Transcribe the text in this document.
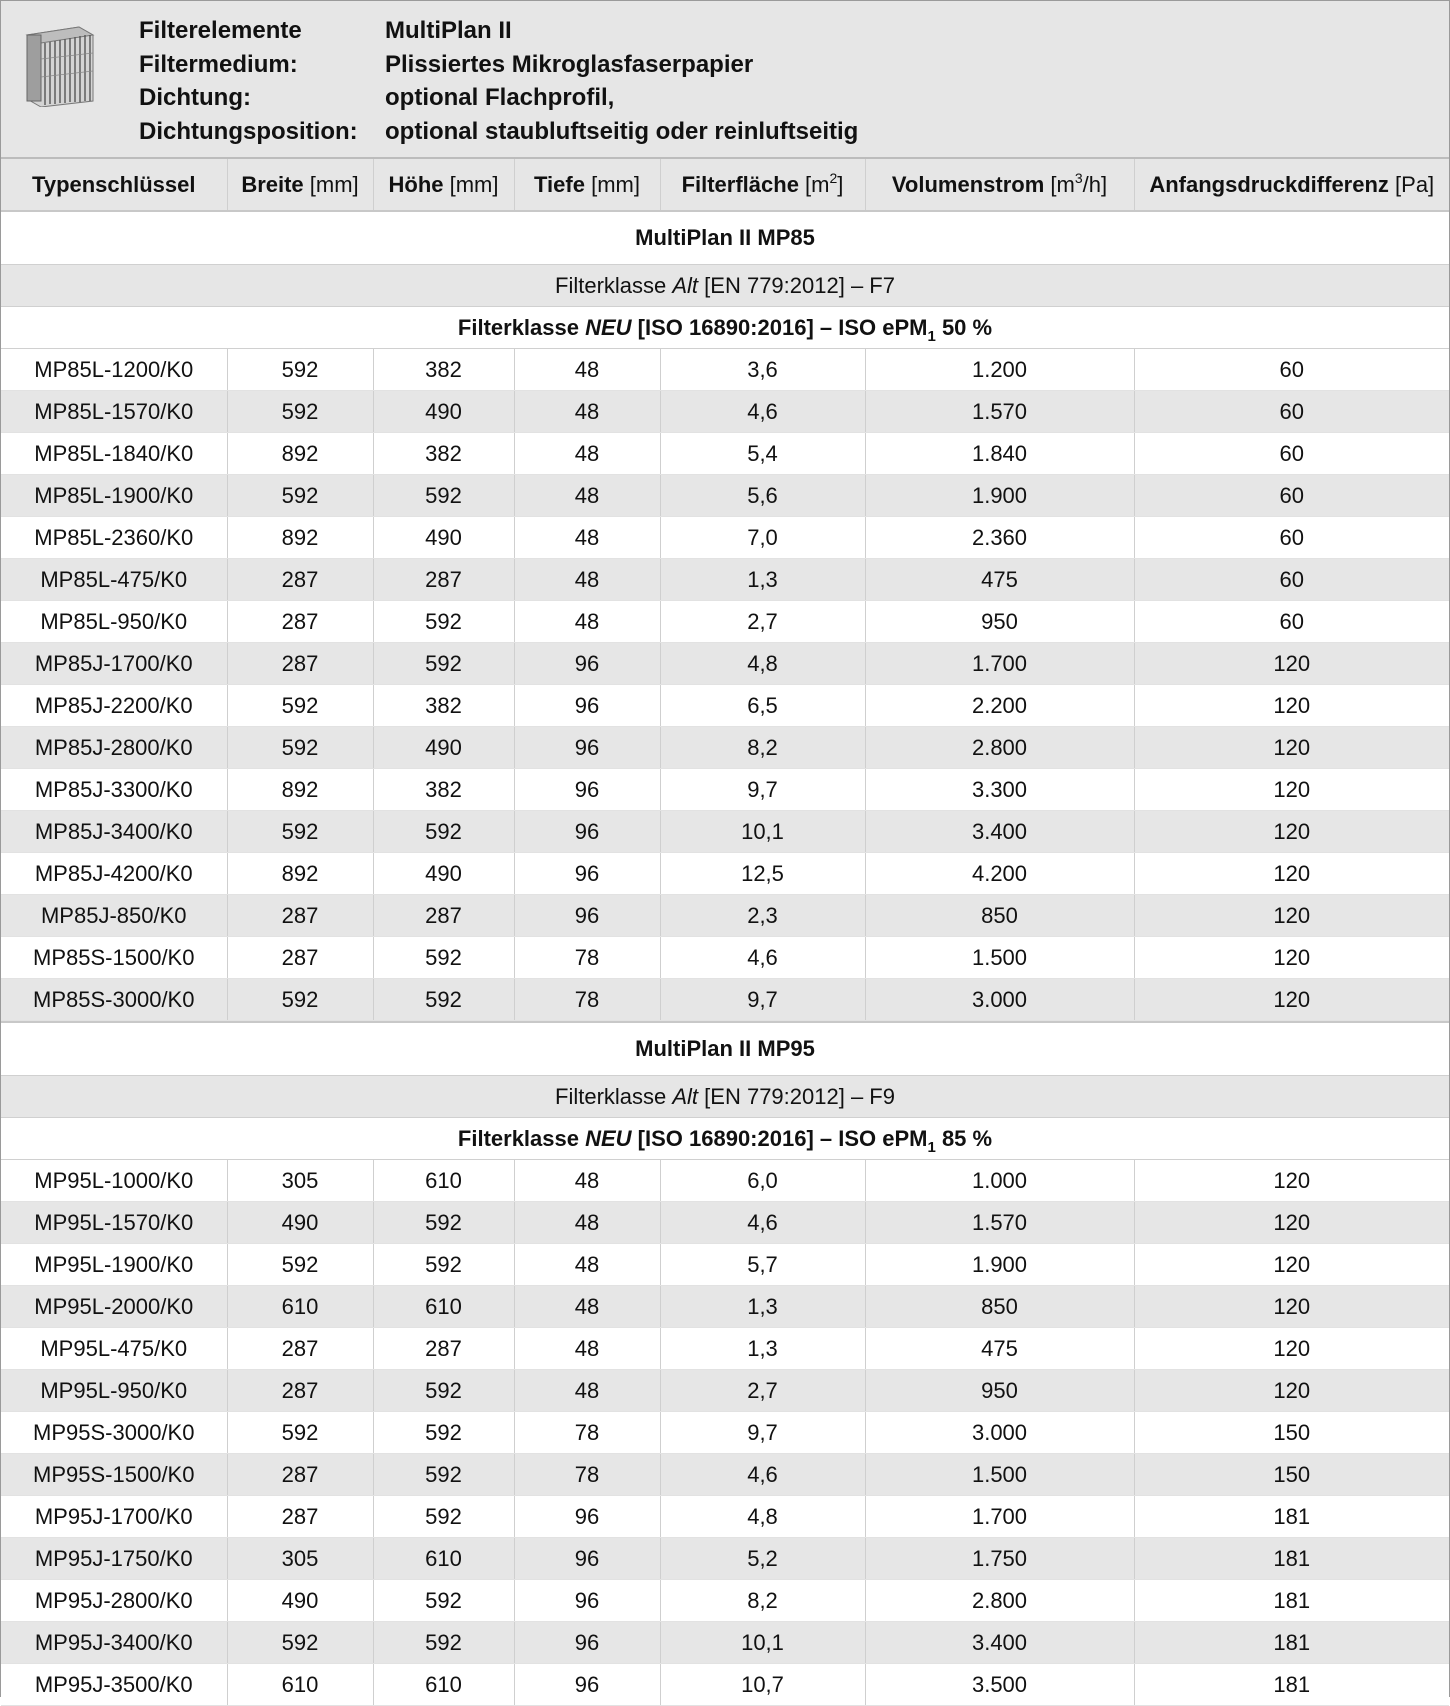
Filterelemente	MultiPlan II
Filtermedium:	Plissiertes Mikroglasfaserpapier
Dichtung:	optional Flachprofil,
Dichtungsposition:	optional staubluftseitig oder reinluftseitig
Typenschlüssel	Breite [mm]	Höhe [mm]	Tiefe [mm]	Filterfläche $[m^2]$	Volumenstrom $[m^3/h]$	Anfangsdruckdifferenz [Pa]
MultiPlan II MP85						
Filterklasse Alt [EN 779:2012] – F7						
Filterklasse NEU [ISO 16890:2016] – ISO ePM$_1$ 50 %						
MP85L-1200/K0	592	382	48	3,6	1.200	60
MP85L-1570/K0	592	490	48	4,6	1.570	60
MP85L-1840/K0	892	382	48	5,4	1.840	60
MP85L-1900/K0	592	592	48	5,6	1.900	60
MP85L-2360/K0	892	490	48	7,0	2.360	60
MP85L-475/K0	287	287	48	1,3	475	60
MP85L-950/K0	287	592	48	2,7	950	60
MP85J-1700/K0	287	592	96	4,8	1.700	120
MP85J-2200/K0	592	382	96	6,5	2.200	120
MP85J-2800/K0	592	490	96	8,2	2.800	120
MP85J-3300/K0	892	382	96	9,7	3.300	120
MP85J-3400/K0	592	592	96	10,1	3.400	120
MP85J-4200/K0	892	490	96	12,5	4.200	120
MP85J-850/K0	287	287	96	2,3	850	120
MP85S-1500/K0	287	592	78	4,6	1.500	120
MP85S-3000/K0	592	592	78	9,7	3.000	120

MultiPlan II MP95						
Filterklasse Alt [EN 779:2012] – F9						
Filterklasse NEU [ISO 16890:2016] – ISO ePM$_1$ 85 %						
MP95L-1000/K0	305	610	48	6,0	1.000	120
MP95L-1570/K0	490	592	48	4,6	1.570	120
MP95L-1900/K0	592	592	48	5,7	1.900	120
MP95L-2000/K0	610	610	48	1,3	850	120
MP95L-475/K0	287	287	48	1,3	475	120
MP95L-950/K0	287	592	48	2,7	950	120
MP95S-3000/K0	592	592	78	9,7	3.000	150
MP95S-1500/K0	287	592	78	4,6	1.500	150
MP95J-1700/K0	287	592	96	4,8	1.700	181
MP95J-1750/K0	305	610	96	5,2	1.750	181
MP95J-2800/K0	490	592	96	8,2	2.800	181
MP95J-3400/K0	592	592	96	10,1	3.400	181
MP95J-3500/K0	610	610	96	10,7	3.500	181
